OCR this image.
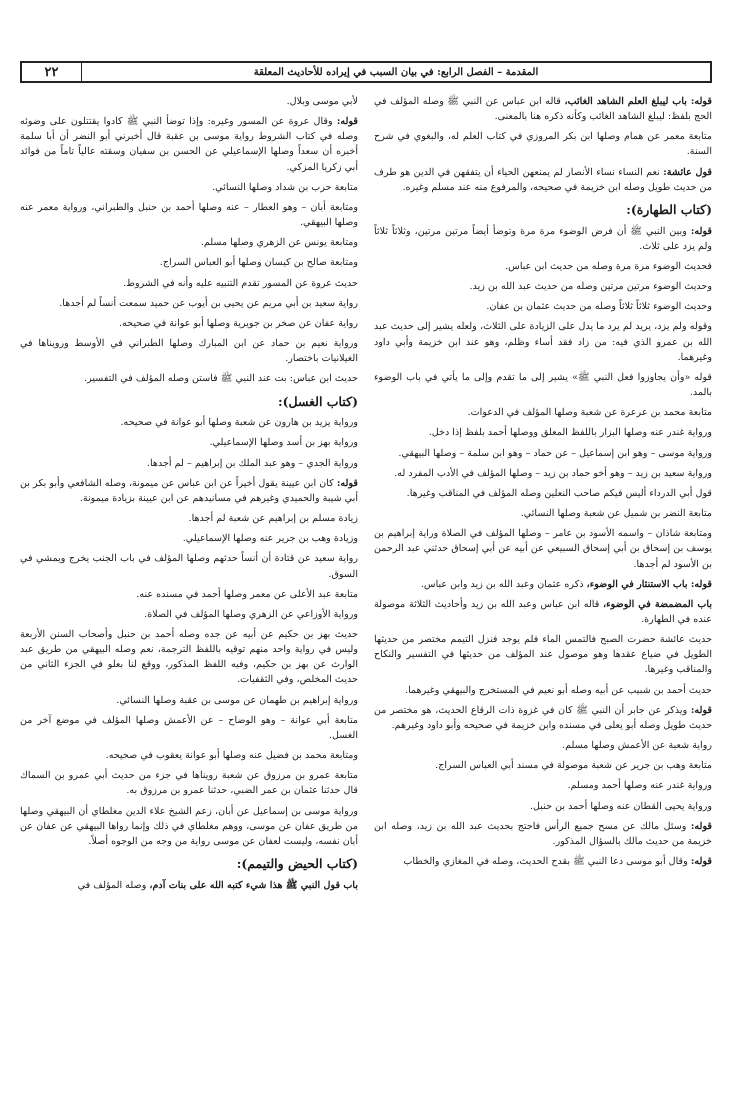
٢٢	المقدمة – الفصل الرابع: في بيان السبب في إيراده للأحاديث المعلقة

قوله: باب ليبلغ العلم الشاهد الغائب، قاله ابن عباس عن النبي ﷺ وصله المؤلف في الحج بلفظ: ليبلغ الشاهد الغائب وكأنه ذكره هنا بالمعنى.

متابعة معمر عن همام وصلها ابن بكر المروزي في كتاب العلم له، والبغوي في شرح السنة.

قول عائشة: نعم النساء نساء الأنصار لم يمنعهن الحياء أن يتفقهن في الدين هو طرف من حديث طويل وصله ابن خزيمة في صحيحه، والمرفوع منه عند مسلم وغيره.

(كتاب الطهارة):

قوله: وبين النبي ﷺ أن فرض الوضوء مرة مرة وتوضأ أيضاً مرتين مرتين، وثلاثاً ثلاثاً ولم يزد على ثلاث.

فحديث الوضوء مرة مرة وصله من حديث ابن عباس.

وحديث الوضوء مرتين مرتين وصله من حديث عبد الله بن زيد.

وحديث الوضوء ثلاثاً ثلاثاً وصله من حديث عثمان بن عفان.

وقوله ولم يزد، يريد لم يرد ما يدل على الزيادة على الثلاث، ولعله يشير إلى حديث عبد الله بن عمرو الذي فيه: من زاد فقد أساء وظلم، وهو عند ابن خزيمة وأبي داود وغيرهما.

قوله «وأن يجاوزوا فعل النبي ﷺ» يشير إلى ما تقدم وإلى ما يأتي في باب الوضوء بالمد.

متابعة محمد بن عرعرة عن شعبة وصلها المؤلف في الدعوات.

ورواية غندر عنه وصلها البزار باللفظ المعلق ووصلها أحمد بلفظ إذا دخل.

ورواية موسى – وهو ابن إسماعيل – عن حماد – وهو ابن سلمة – وصلها البيهقي.

ورواية سعيد بن زيد – وهو أخو حماد بن زيد – وصلها المؤلف في الأدب المفرد له.

قول أبي الدرداء أليس فيكم صاحب النعلين وصله المؤلف في المناقب وغيرها.

متابعة النضر بن شميل عن شعبة وصلها النسائي.

ومتابعة شاذان – واسمه الأسود بن عامر – وصلها المؤلف في الصلاة وراية إبراهيم بن يوسف بن إسحاق بن أبي إسحاق السبيعي عن أبيه عن أبي إسحاق حدثني عبد الرحمن بن الأسود لم أجدها.

قوله: باب الاستنثار في الوضوء، ذكره عثمان وعبد الله بن زيد وابن عباس.

باب المضمضة في الوضوء، قاله ابن عباس وعبد الله بن زيد وأحاديث الثلاثة موصولة عنده في الطهارة.

حديث عائشة حضرت الصبح فالتمس الماء فلم يوجد فنزل التيمم مختصر من حديثها الطويل في ضياع عقدها وهو موصول عند المؤلف من حديثها في التفسير والنكاح والمناقب وغيرها.

حديث أحمد بن شبيب عن أبيه وصله أبو نعيم في المستخرج والبيهقي وغيرهما.

قوله: ويذكر عن جابر أن النبي ﷺ كان في غزوة ذات الرقاع الحديث، هو مختصر من حديث طويل وصله أبو يعلى في مسنده وابن خزيمة في صحيحه وأبو داود وغيرهم.

رواية شعبة عن الأعمش وصلها مسلم.

متابعة وهب بن جرير عن شعبة موصولة في مسند أبي العباس السراج.

ورواية غندر عنه وصلها أحمد ومسلم.

ورواية يحيى القطان عنه وصلها أحمد بن حنبل.

قوله: وسئل مالك عن مسح جميع الرأس فاحتج بحديث عبد الله بن زيد، وصله ابن خزيمة من حديث مالك بالسؤال المذكور.

قوله: وقال أبو موسى دعا النبي ﷺ بقدح الحديث، وصله في المغازي والخطاب

لأبي موسى وبلال.

قوله: وقال عروة عن المسور وغيره: وإذا توضأ النبي ﷺ كادوا يقتتلون على وضوئه وصله في كتاب الشروط رواية موسى بن عقبة قال أخبرني أبو النضر أن أبا سلمة أخبره أن سعداً وصلها الإسماعيلي عن الحسن بن سفيان وسقته عالياً تاماً من فوائد أبي زكريا المزكي.

متابعة حرب بن شداد وصلها النسائي.

ومتابعة أبان – وهو العطار – عنه وصلها أحمد بن حنبل والطبراني، ورواية معمر عنه وصلها البيهقي.

ومتابعة يونس عن الزهري وصلها مسلم.

ومتابعة صالح بن كيسان وصلها أبو العباس السراج.

حديث عروة عن المسور تقدم التنبيه عليه وأنه في الشروط.

رواية سعيد بن أبي مريم عن يحيى بن أيوب عن حميد سمعت أنساً لم أجدها.

رواية عفان عن صخر بن جويرية وصلها أبو عوانة في صحيحه.

ورواية نعيم بن حماد عن ابن المبارك وصلها الطبراني في الأوسط ورويناها في الغيلانيات باختصار.

حديث ابن عباس: بت عند النبي ﷺ فاستن وصله المؤلف في التفسير.

(كتاب الغسل):

ورواية يزيد بن هارون عن شعبة وصلها أبو عوانة في صحيحه.

ورواية بهز بن أسد وصلها الإسماعيلي.

ورواية الجدي – وهو عبد الملك بن إبراهيم – لم أجدها.

قوله: كان ابن عيينة يقول أخيراً عن ابن عباس عن ميمونة، وصله الشافعي وأبو بكر بن أبي شيبة والحميدي وغيرهم في مسانيدهم عن ابن عيينة بزيادة ميمونة.

زيادة مسلم بن إبراهيم عن شعبة لم أجدها.

وزيادة وهب بن جرير عنه وصلها الإسماعيلي.

رواية سعيد عن قتادة أن أنساً حدثهم وصلها المؤلف في باب الجنب يخرج ويمشي في السوق.

متابعة عبد الأعلى عن معمر وصلها أحمد في مسنده عنه.

ورواية الأوزاعي عن الزهري وصلها المؤلف في الصلاة.

حديث بهز بن حكيم عن أبيه عن جده وصله أحمد بن حنبل وأصحاب السنن الأربعة وليس في رواية واحد منهم توقيه باللفظ الترجمة، نعم وصله البيهقي من طريق عبد الوارث عن بهز بن حكيم، وفيه اللفظ المذكور، ووقع لنا بعلو في الجزء الثاني من حديث المخلص، وفي الثقفيات.

ورواية إبراهيم بن طهمان عن موسى بن عقبة وصلها النسائي.

متابعة أبي عوانة – وهو الوضاح – عن الأعمش وصلها المؤلف في موضع آخر من الغسل.

ومتابعة محمد بن فضيل عنه وصلها أبو عوانة يعقوب في صحيحه.

متابعة عمرو بن مرزوق عن شعبة رويناها في جزء من حديث أبي عمرو بن السماك قال حدثنا عثمان بن عمر الضبي، حدثنا عمرو بن مرزوق به.

ورواية موسى بن إسماعيل عن أبان، زعم الشيخ علاء الدين مغلطاي أن البيهقي وصلها من طريق عفان عن موسى، ووهم مغلطاي في ذلك وإنما رواها البيهقي عن عفان عن أبان نفسه، وليست لعفان عن موسى رواية من وجه من الوجوه أصلاً.

(كتاب الحيض والتيمم):

باب قول النبي ﷺ هذا شيء كتبه الله على بنات آدم، وصله المؤلف في
